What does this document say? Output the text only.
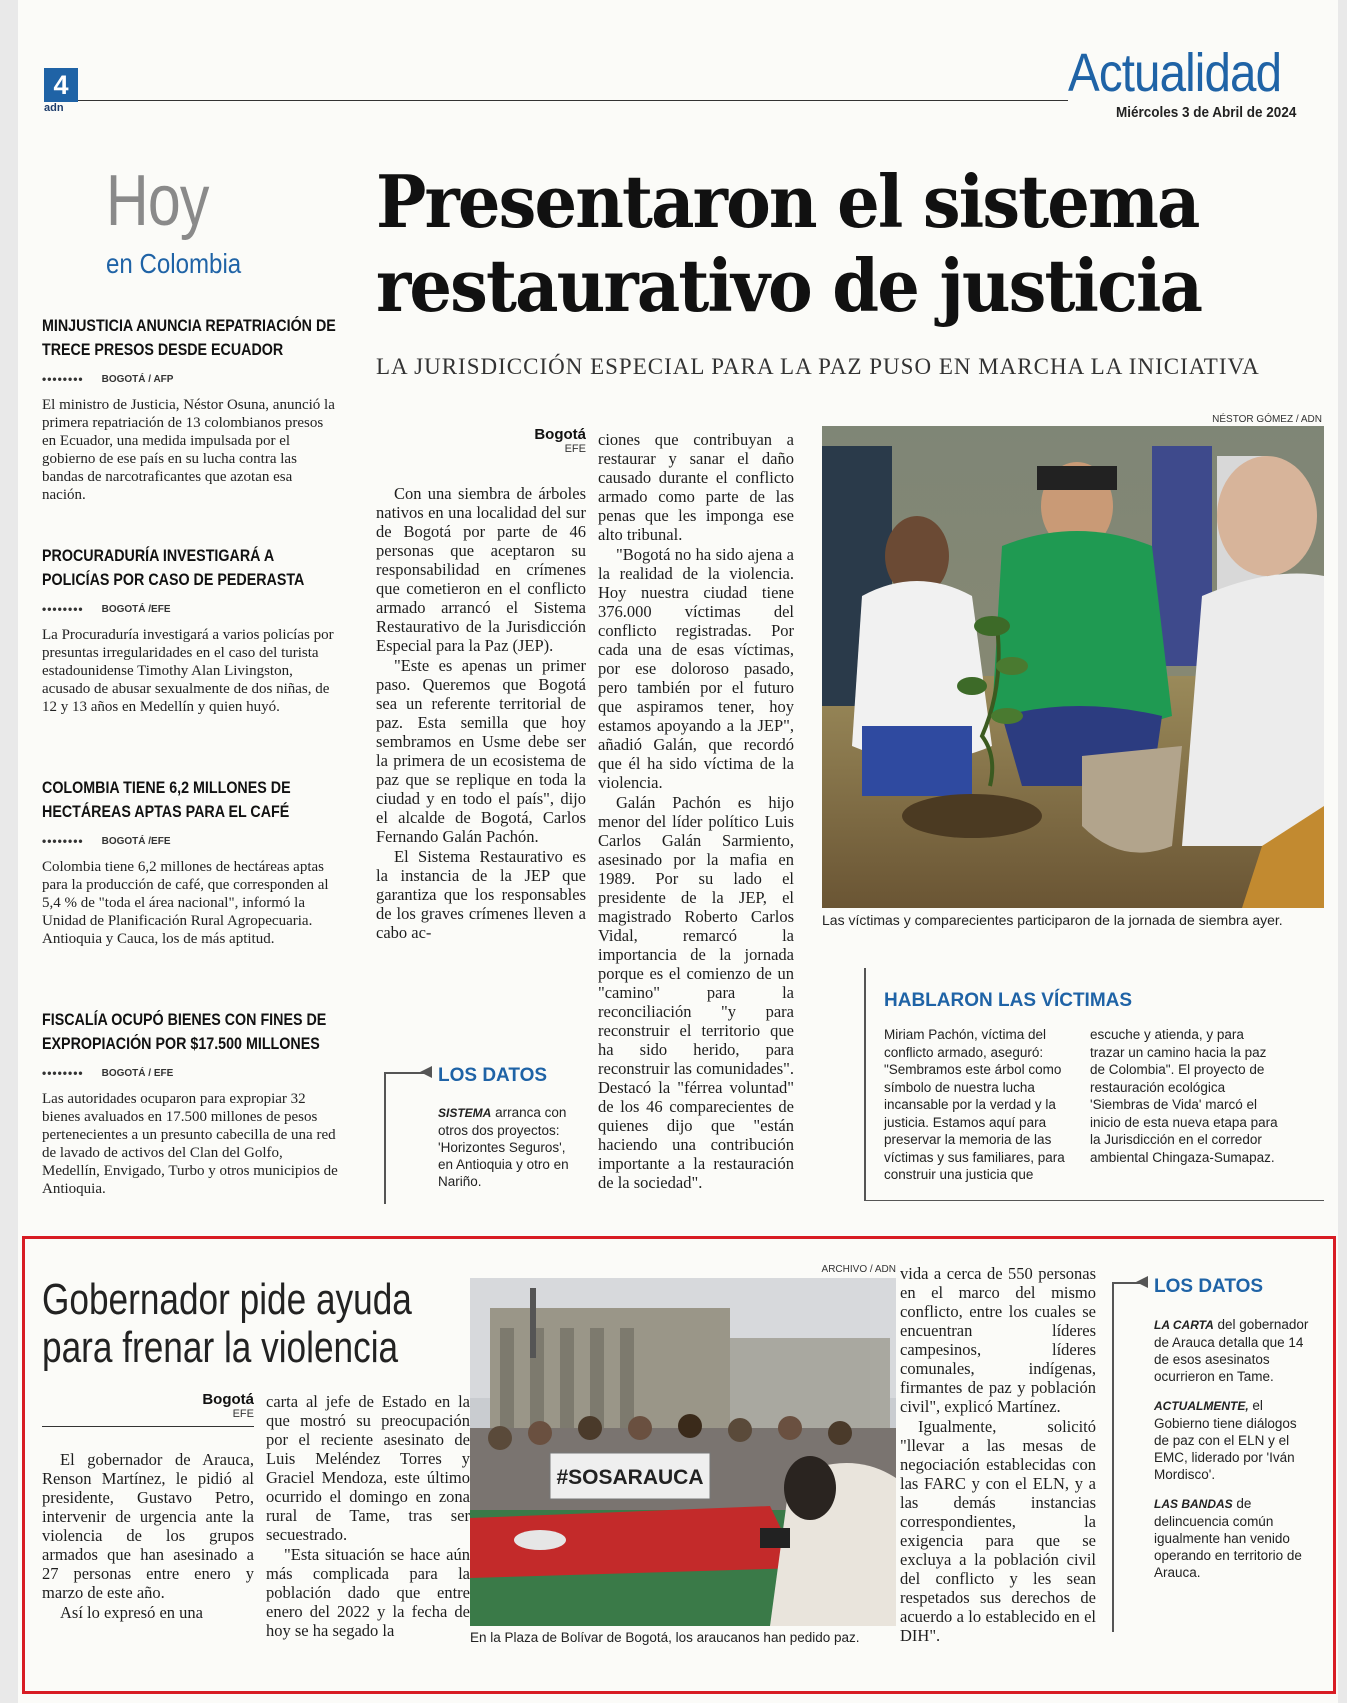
4
adn
Actualidad
Miércoles 3 de Abril de 2024
Hoy
en Colombia
MINJUSTICIA ANUNCIA REPATRIACIÓN DE TRECE PRESOS DESDE ECUADOR
•••••••• BOGOTÁ / AFP

El ministro de Justicia, Néstor Osuna, anunció la primera repatriación de 13 colombianos presos en Ecuador, una medida impulsada por el gobierno de ese país en su lucha contra las bandas de narcotraficantes que azotan esa nación.

PROCURADURÍA INVESTIGARÁ A POLICÍAS POR CASO DE PEDERASTA
•••••••• BOGOTÁ /EFE

La Procuraduría investigará a varios policías por presuntas irregularidades en el caso del turista estadounidense Timothy Alan Livingston, acusado de abusar sexualmente de dos niñas, de 12 y 13 años en Medellín y quien huyó.

COLOMBIA TIENE 6,2 MILLONES DE HECTÁREAS APTAS PARA EL CAFÉ
•••••••• BOGOTÁ /EFE

Colombia tiene 6,2 millones de hectáreas aptas para la producción de café, que corresponden al 5,4 % de "toda el área nacional", informó la Unidad de Planificación Rural Agropecuaria. Antioquia y Cauca, los de más aptitud.

FISCALÍA OCUPÓ BIENES CON FINES DE EXPROPIACIÓN POR $17.500 MILLONES
•••••••• BOGOTÁ / EFE

Las autoridades ocuparon para expropiar 32 bienes avaluados en 17.500 millones de pesos pertenecientes a un presunto cabecilla de una red de lavado de activos del Clan del Golfo, Medellín, Envigado, Turbo y otros municipios de Antioquia.

Presentaron el sistema
restaurativo de justicia
LA JURISDICCIÓN ESPECIAL PARA LA PAZ PUSO EN MARCHA LA INICIATIVA
Bogotá
EFE

Con una siembra de árboles nativos en una localidad del sur de Bogotá por parte de 46 personas que aceptaron su responsabilidad en crímenes que cometieron en el conflicto armado arrancó el Sistema Restaurativo de la Jurisdicción Especial para la Paz (JEP).

"Este es apenas un primer paso. Queremos que Bogotá sea un referente territorial de paz. Esta semilla que hoy sembramos en Usme debe ser la primera de un ecosistema de paz que se replique en toda la ciudad y en todo el país", dijo el alcalde de Bogotá, Carlos Fernando Galán Pachón.

El Sistema Restaurativo es la instancia de la JEP que garantiza que los responsables de los graves crímenes lleven a cabo ac-

ciones que contribuyan a restaurar y sanar el daño causado durante el conflicto armado como parte de las penas que les imponga ese alto tribunal.

"Bogotá no ha sido ajena a la realidad de la violencia. Hoy nuestra ciudad tiene 376.000 víctimas del conflicto registradas. Por cada una de esas víctimas, por ese doloroso pasado, pero también por el futuro que aspiramos tener, hoy estamos apoyando a la JEP", añadió Galán, que recordó que él ha sido víctima de la violencia.

Galán Pachón es hijo menor del líder político Luis Carlos Galán Sarmiento, asesinado por la mafia en 1989. Por su lado el presidente de la JEP, el magistrado Roberto Carlos Vidal, remarcó la importancia de la jornada porque es el comienzo de un "camino" para la reconciliación "y para reconstruir el territorio que ha sido herido, para reconstruir las comunidades". Destacó la "férrea voluntad" de los 46 comparecientes de quienes dijo que "están haciendo una contribución importante a la restauración de la sociedad".

LOS DATOS
SISTEMA arranca con otros dos proyectos: 'Horizontes Seguros', en Antioquia y otro en Nariño.
NÉSTOR GÓMEZ / ADN
Las víctimas y comparecientes participaron de la jornada de siembra ayer.
HABLARON LAS VÍCTIMAS
Miriam Pachón, víctima del conflicto armado, aseguró: "Sembramos este árbol como símbolo de nuestra lucha incansable por la verdad y la justicia. Estamos aquí para preservar la memoria de las víctimas y sus familiares, para construir una justicia que
escuche y atienda, y para trazar un camino hacia la paz de Colombia". El proyecto de restauración ecológica 'Siembras de Vida' marcó el inicio de esta nueva etapa para la Jurisdicción en el corredor ambiental Chingaza-Sumapaz.
Gobernador pide ayuda
para frenar la violencia
Bogotá
EFE

El gobernador de Arauca, Renson Martínez, le pidió al presidente, Gustavo Petro, intervenir de urgencia ante la violencia de los grupos armados que han asesinado a 27 personas entre enero y marzo de este año.

Así lo expresó en una

carta al jefe de Estado en la que mostró su preocupación por el reciente asesinato de Luis Meléndez Torres y Graciel Mendoza, este último ocurrido el domingo en zona rural de Tame, tras ser secuestrado.

"Esta situación se hace aún más complicada para la población dado que entre enero del 2022 y la fecha de hoy se ha segado la

ARCHIVO / ADN
#SOSARAUCA
En la Plaza de Bolívar de Bogotá, los araucanos han pedido paz.

vida a cerca de 550 personas en el marco del mismo conflicto, entre los cuales se encuentran líderes campesinos, líderes comunales, indígenas, firmantes de paz y población civil", explicó Martínez.

Igualmente, solicitó "llevar a las mesas de negociación establecidas con las FARC y con el ELN, y a las demás instancias correspondientes, la exigencia para que se excluya a la población civil del conflicto y les sean respetados sus derechos de acuerdo a lo establecido en el DIH".

LOS DATOS
LA CARTA del gobernador de Arauca detalla que 14 de esos asesinatos ocurrieron en Tame.
ACTUALMENTE, el Gobierno tiene diálogos de paz con el ELN y el EMC, liderado por 'Iván Mordisco'.
LAS BANDAS de delincuencia común igualmente han venido operando en territorio de Arauca.
